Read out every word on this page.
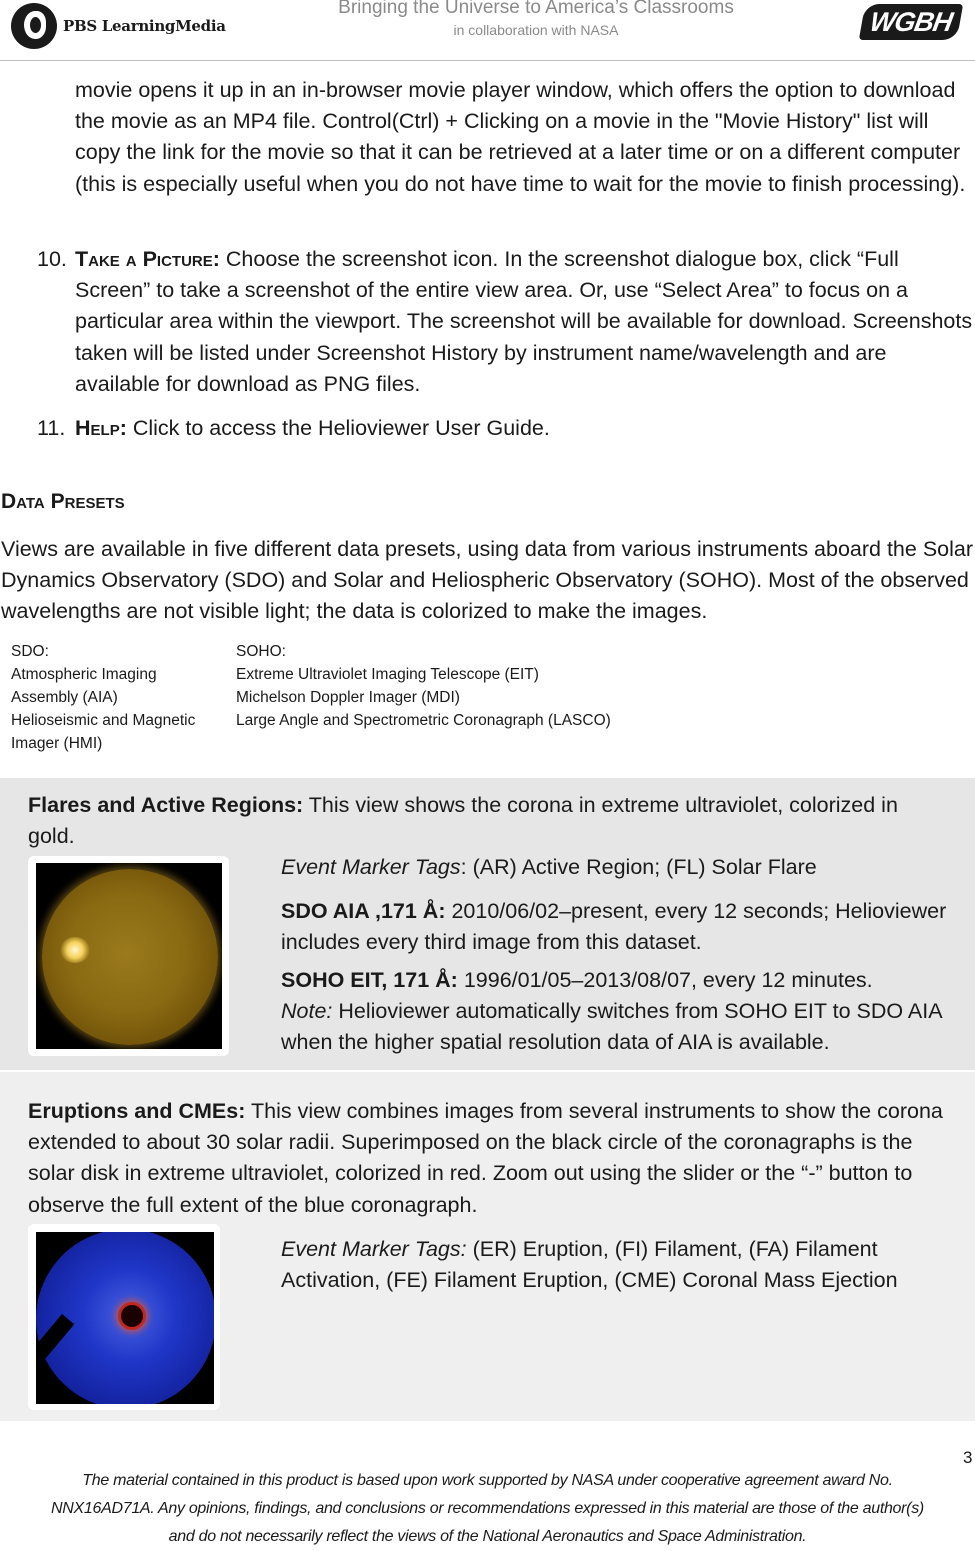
PBS LearningMedia
Bringing the Universe to America’s Classrooms
in collaboration with NASA	WGBH
movie opens it up in an in-browser movie player window, which offers the option to download the movie as an MP4 file. Control(Ctrl) + Clicking on a movie in the "Movie History" list will copy the link for the movie so that it can be retrieved at a later time or on a different computer (this is especially useful when you do not have time to wait for the movie to finish processing).
10. Take a Picture: Choose the screenshot icon. In the screenshot dialogue box, click “Full Screen” to take a screenshot of the entire view area. Or, use “Select Area” to focus on a particular area within the viewport. The screenshot will be available for download. Screenshots taken will be listed under Screenshot History by instrument name/wavelength and are available for download as PNG files.
11. Help: Click to access the Helioviewer User Guide.
Data Presets
Views are available in five different data presets, using data from various instruments aboard the Solar Dynamics Observatory (SDO) and Solar and Heliospheric Observatory (SOHO). Most of the observed wavelengths are not visible light; the data is colorized to make the images.
SDO:
Atmospheric Imaging Assembly (AIA)
Helioseismic and Magnetic Imager (HMI)
SOHO:
Extreme Ultraviolet Imaging Telescope (EIT)
Michelson Doppler Imager (MDI)
Large Angle and Spectrometric Coronagraph (LASCO)
Flares and Active Regions: This view shows the corona in extreme ultraviolet, colorized in gold.
Event Marker Tags: (AR) Active Region; (FL) Solar Flare
SDO AIA ,171 Å: 2010/06/02–present, every 12 seconds; Helioviewer includes every third image from this dataset.
SOHO EIT, 171 Å: 1996/01/05–2013/08/07, every 12 minutes.
Note: Helioviewer automatically switches from SOHO EIT to SDO AIA when the higher spatial resolution data of AIA is available.
Eruptions and CMEs: This view combines images from several instruments to show the corona extended to about 30 solar radii. Superimposed on the black circle of the coronagraphs is the solar disk in extreme ultraviolet, colorized in red. Zoom out using the slider or the “-” button to observe the full extent of the blue coronagraph.
Event Marker Tags: (ER) Eruption, (FI) Filament, (FA) Filament Activation, (FE) Filament Eruption, (CME) Coronal Mass Ejection
3
The material contained in this product is based upon work supported by NASA under cooperative agreement award No.
NNX16AD71A. Any opinions, findings, and conclusions or recommendations expressed in this material are those of the author(s)
and do not necessarily reflect the views of the National Aeronautics and Space Administration.
